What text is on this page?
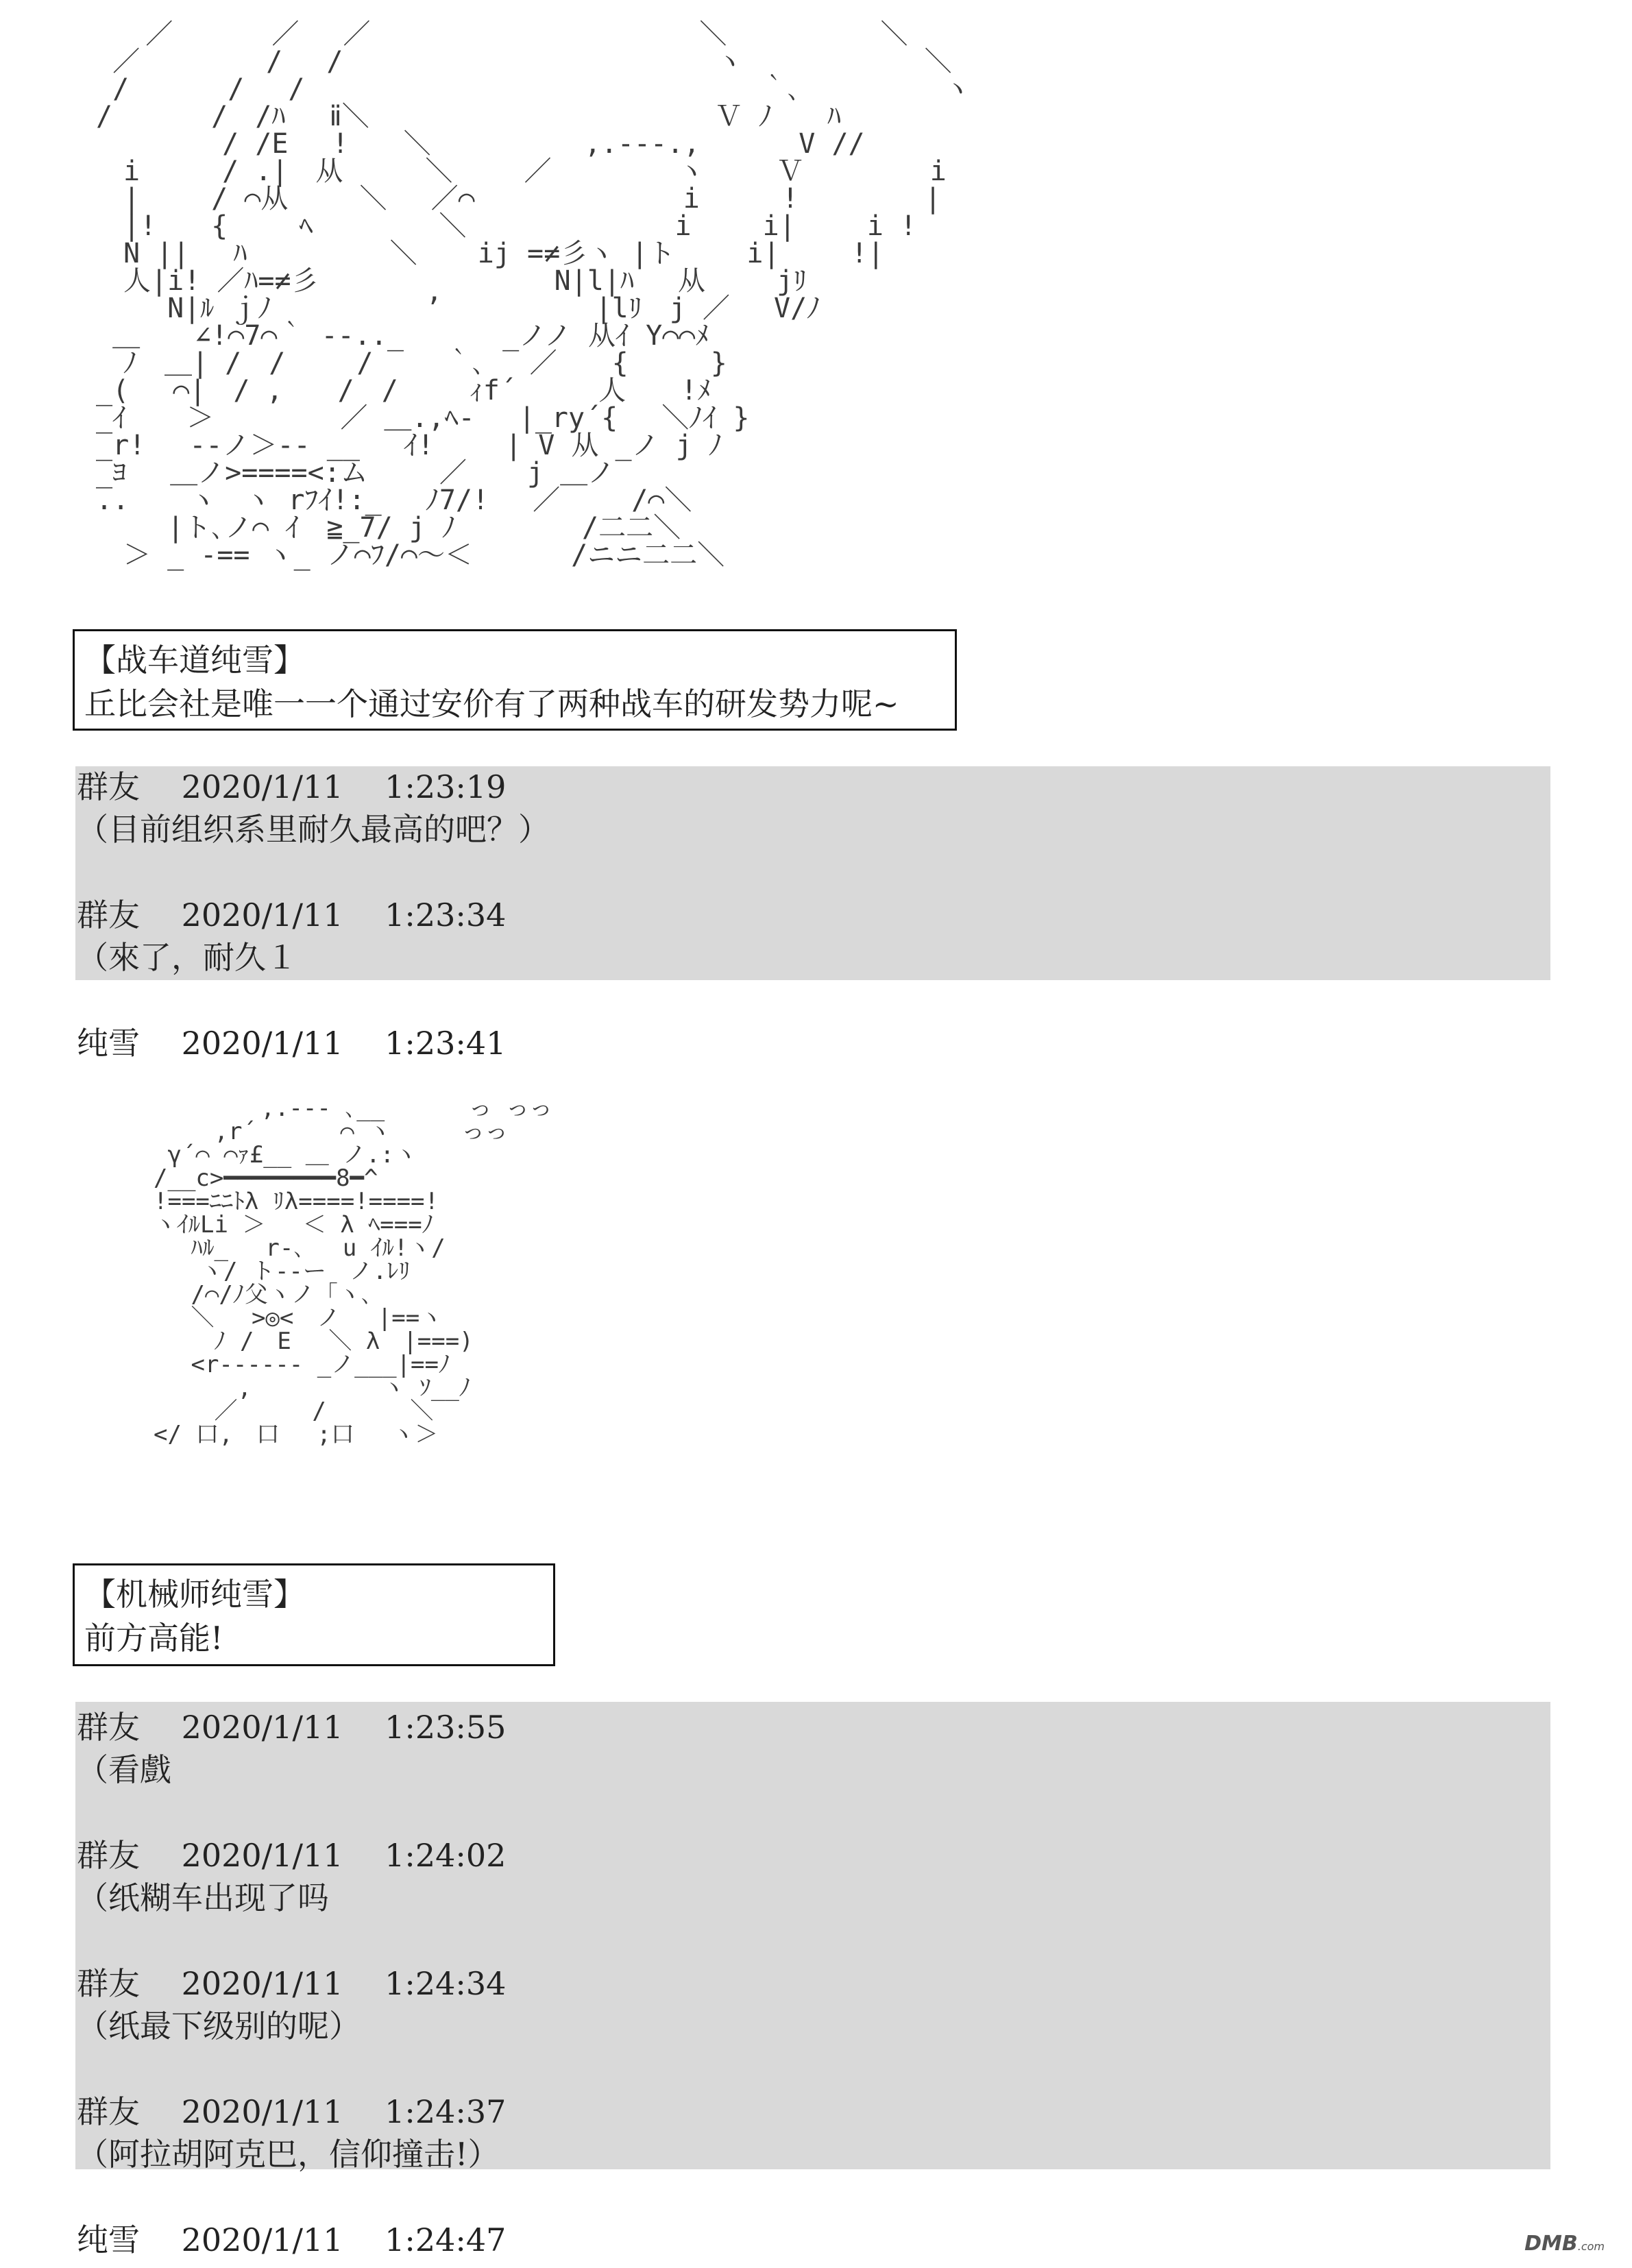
／　　　 ／　 ／　　　　　　　　　　　　＼　　　　　 ＼
／　　　　 /　 /　　　　　　　　　　　　　 ヽ　　　　　　 ＼
/　　　 / 　/　　　　　　　　　　　　　　　　 ｀､　　　 　 ヽ
/　　　 /　/ﾊ 　ⅱ＼　　　　　　　　　　　　 Ｖ ﾉ　　ﾊ
　　　　 / /E 　!　　＼　　　　　 ,.-‐-.,　　　 V //
　i　　　/ .|　从　　　＼　　 ／　　　　 ヽ　　 Ｖ　　　　 i
　|　　 / ⌒从　　 ＼　 ／⌒　　　　　　　 i　　　!　　　　 |
　|!　　{　　 ﾍ　　　　 ＼　　　　　　　 i　　 i|　　 i !
　N ||　 ﾊ　　　 　 ＼ 　 ij =≠彡ヽ |ト　　 i|　　 !|
　人|i! ／ﾊ=≠彡　　　　　　　　 N|l|ﾊ　 从　　 jﾘ
　　 N|ﾙ ｊﾉ　　　　　 ’　　　　　 |lﾘ　j ／　 V/ﾉ
＿　　∠!⌒7⌒｀ ‐‐.._ 　　　_ノノ 从ｲ Y⌒⌒ﾒ
　ﾉ　＿| /　/　　 /　　 ｀､　 ／　　{　　　}
_(　 ⌒|　/ ,　　/　/　　 ｨf´　　　人　　!ﾒ
_ｲ 　 ＞　　　　 ／ ＿.,ﾍ-　 |_ry´{　 ＼ﾉｲ }
_r!　 --ノ＞-- __　 ｲ!　　 | V 从 _ノ j ﾉ
_ﾖ　 ＿ノ>====<:ム　　 ／ 　 j ＿ノ
.. 　 ヽ　ヽ rﾌｲ!:_　 ﾉ7/!　 ／　　 /⌒＼
　　 |ト､ノ⌒ ｲ　≧_7/ j ﾉ　　　　 /二二＼
　＞ _ -== ヽ_ ノ⌒ﾌ/⌒～＜　　　 /ニニ二二＼
【战车道纯雪】
丘比会社是唯一一个通过安价有了两种战车的研发势力呢~
群友　 2020/1/11　 1:23:19
（目前组织系里耐久最高的吧？）
群友　 2020/1/11　 1:23:34
（來了，耐久１
纯雪　 2020/1/11　 1:23:41
　　　　　 ,.-‐‐ ､__　　　 っ っっ
　　　 ,r´　　　 ⌒ ヽ　　　っっ
　 γ´⌒ ⌒ｧ£__ ＿ ノ.:ヽ
　/__c>━━━━━━━━8━^
　!===ﾆﾆﾄλ ﾘλ====!====!
　ヽｲﾙLi ＞　 ＜ λ ﾍ===ﾉ
　　 ﾊﾙ_ 　r-､　 u ｲﾙ!ヽ/
　　　ヽ/ ト-‐ー　ノ.ﾚﾘ
　　 /⌒/ﾉ父ヽノ「ヽ､
　　 ＼　 >◎<　ノ　 |==ヽ
　　　 ﾉ /　E　 ＼ λ　|===)
　　 <r-‐---‐ _ノ___|==ﾉ
　　　　 ,　　　　　 ヽ ｿ__ﾉ
　　　 ／ 　　 /　　　 ＼
　</ 口,　口　 ;口　 ヽ＞
【机械师纯雪】
前方高能!
群友　 2020/1/11　 1:23:55
（看戲
群友　 2020/1/11　 1:24:02
（纸糊车出现了吗
群友　 2020/1/11　 1:24:34
（纸最下级别的呢）
群友　 2020/1/11　 1:24:37
（阿拉胡阿克巴，信仰撞击!）
纯雪　 2020/1/11　 1:24:47	DMB.com
